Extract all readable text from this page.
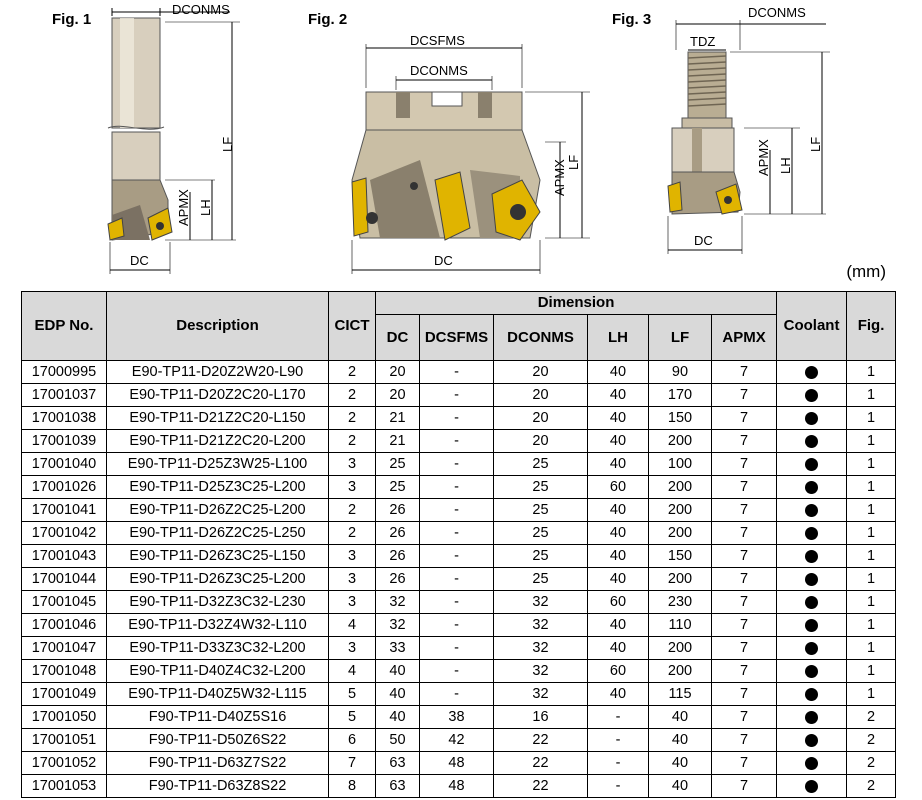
Fig. 1
DCONMS
LF
APMX LH
DC
Fig. 2
DCSFMS
DCONMS
APMX LF
DC
Fig. 3	DCONMS
TDZ
LF
APMX LH
DC
(mm)
EDP No.	Description	CICT	Dimension						Coolant	Fig.
			DC	DCSFMS	DCONMS	LH	LF	APMX		
17000995	E90-TP11-D20Z2W20-L90	2	20	-	20	40	90	7		1
17001037	E90-TP11-D20Z2C20-L170	2	20	-	20	40	170	7		1
17001038	E90-TP11-D21Z2C20-L150	2	21	-	20	40	150	7		1
17001039	E90-TP11-D21Z2C20-L200	2	21	-	20	40	200	7		1
17001040	E90-TP11-D25Z3W25-L100	3	25	-	25	40	100	7		1
17001026	E90-TP11-D25Z3C25-L200	3	25	-	25	60	200	7		1
17001041	E90-TP11-D26Z2C25-L200	2	26	-	25	40	200	7		1
17001042	E90-TP11-D26Z2C25-L250	2	26	-	25	40	200	7		1
17001043	E90-TP11-D26Z3C25-L150	3	26	-	25	40	150	7		1
17001044	E90-TP11-D26Z3C25-L200	3	26	-	25	40	200	7		1
17001045	E90-TP11-D32Z3C32-L230	3	32	-	32	60	230	7		1
17001046	E90-TP11-D32Z4W32-L110	4	32	-	32	40	110	7		1
17001047	E90-TP11-D33Z3C32-L200	3	33	-	32	40	200	7		1
17001048	E90-TP11-D40Z4C32-L200	4	40	-	32	60	200	7		1
17001049	E90-TP11-D40Z5W32-L115	5	40	-	32	40	115	7		1
17001050	F90-TP11-D40Z5S16	5	40	38	16	-	40	7		2
17001051	F90-TP11-D50Z6S22	6	50	42	22	-	40	7		2
17001052	F90-TP11-D63Z7S22	7	63	48	22	-	40	7		2
17001053	F90-TP11-D63Z8S22	8	63	48	22	-	40	7		2
